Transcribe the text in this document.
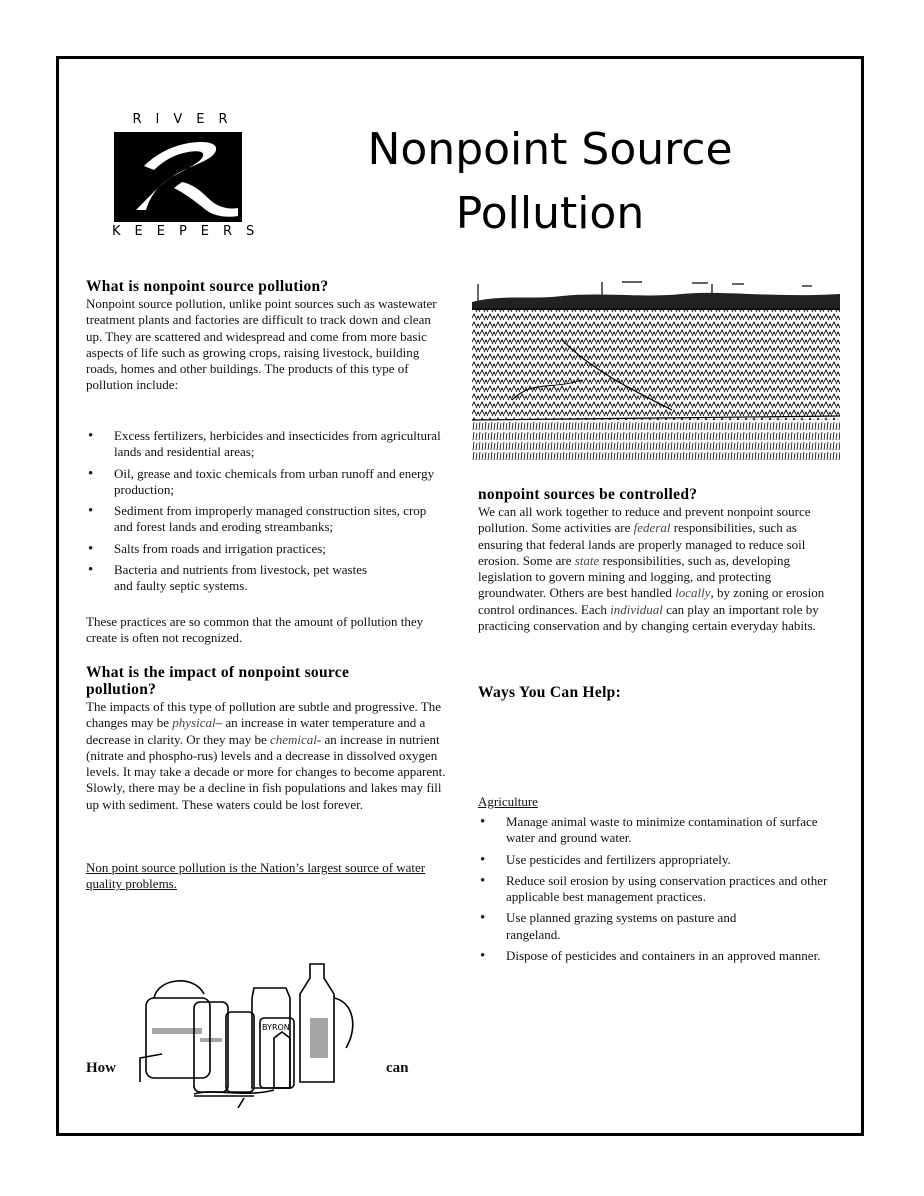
RIVER
KEEPERS
Nonpoint Source
Pollution
What is nonpoint source pollution?

Nonpoint source pollution, unlike point sources such as wastewater treatment plants and factories are difficult to track down and clean up. They are scattered and widespread and come from more basic aspects of life such as growing crops, raising livestock, building roads, homes and other buildings. The products of this type of pollution include:

• Excess fertilizers, herbicides and insecticides from agricultural lands and residential areas;
• Oil, grease and toxic chemicals from urban runoff and energy production;
• Sediment from improperly managed construction sites, crop and forest lands and eroding streambanks;
• Salts from roads and irrigation practices;
• Bacteria and nutrients from livestock, pet wastes and faulty septic systems.

These practices are so common that the amount of pollution they create is often not recognized.

What is the impact of nonpoint source
pollution?

The impacts of this type of pollution are subtle and progressive. The changes may be physical– an increase in water temperature and a decrease in clarity. Or they may be chemical- an increase in nutrient (nitrate and phospho-rus) levels and a decrease in dissolved oxygen levels. It may take a decade or more for changes to become apparent. Slowly, there may be a decline in fish populations and lakes may fill up with sediment. These waters could be lost forever.

Non point source pollution is the Nation’s largest source of water quality problems.

BYRON
How	can
nonpoint sources be controlled?

We can all work together to reduce and prevent nonpoint source pollution. Some activities are federal responsibilities, such as ensuring that federal lands are properly managed to reduce soil erosion. Some are state responsibilities, such as, developing legislation to govern mining and logging, and protecting groundwater. Others are best handled locally, by zoning or erosion control ordinances. Each individual can play an important role by practicing conservation and by changing certain everyday habits.

Ways You Can Help:

Agriculture

• Manage animal waste to minimize contamination of surface water and ground water.
• Use pesticides and fertilizers appropriately.
• Reduce soil erosion by using conservation practices and other applicable best management practices.
• Use planned grazing systems on pasture and rangeland.
• Dispose of pesticides and containers in an approved manner.
